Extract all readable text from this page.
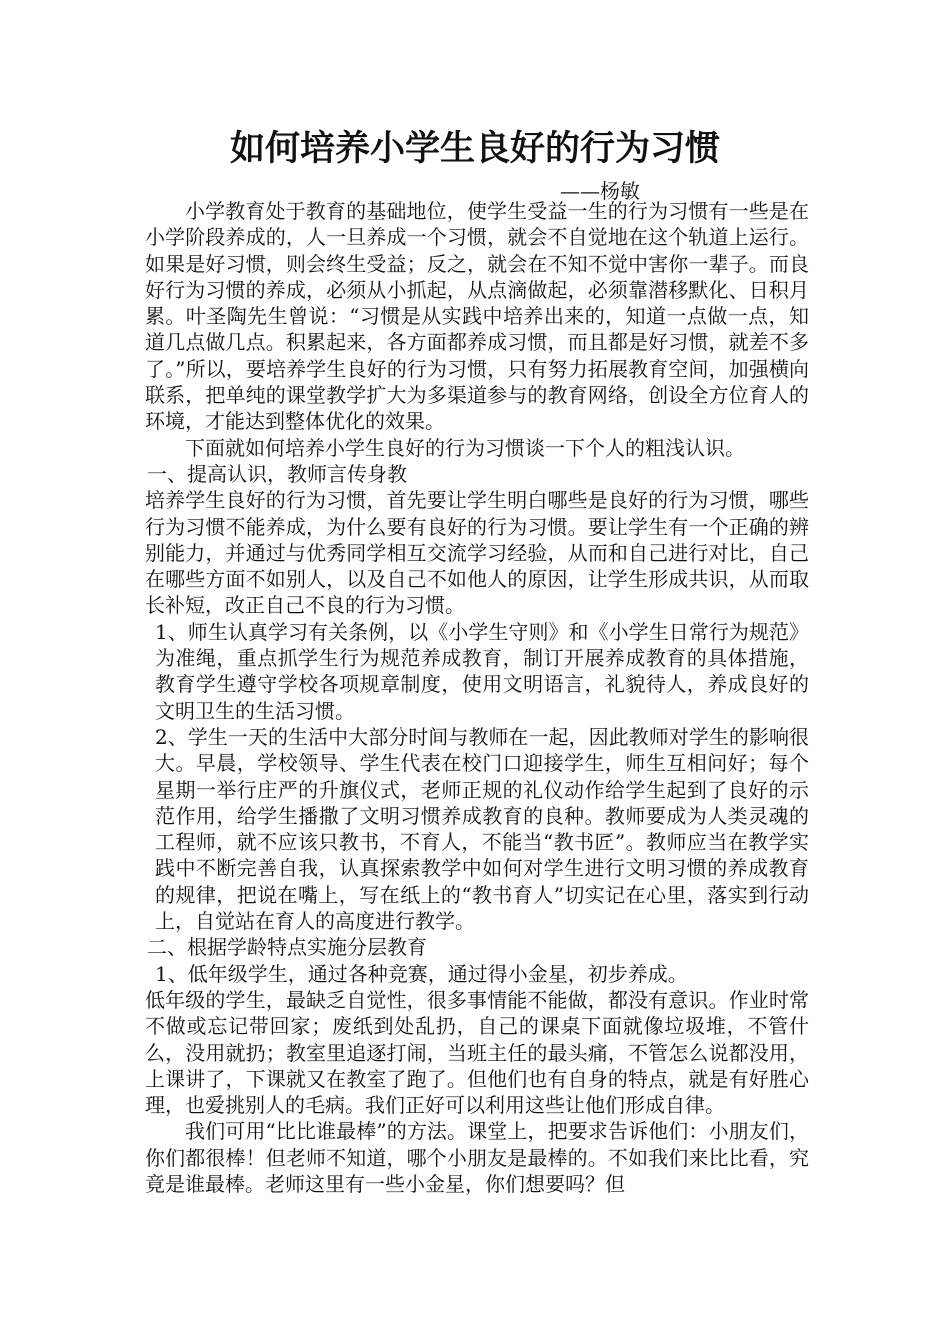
如何培养小学生良好的行为习惯
——杨敏

小学教育处于教育的基础地位，使学生受益一生的行为习惯有一些是在小学阶段养成的，人一旦养成一个习惯，就会不自觉地在这个轨道上运行。如果是好习惯，则会终生受益；反之，就会在不知不觉中害你一辈子。而良好行为习惯的养成，必须从小抓起，从点滴做起，必须靠潜移默化、日积月累。叶圣陶先生曾说：“习惯是从实践中培养出来的，知道一点做一点，知道几点做几点。积累起来，各方面都养成习惯，而且都是好习惯，就差不多了。”所以，要培养学生良好的行为习惯，只有努力拓展教育空间，加强横向联系，把单纯的课堂教学扩大为多渠道参与的教育网络，创设全方位育人的环境，才能达到整体优化的效果。

下面就如何培养小学生良好的行为习惯谈一下个人的粗浅认识。

一、提高认识，教师言传身教

培养学生良好的行为习惯，首先要让学生明白哪些是良好的行为习惯，哪些行为习惯不能养成，为什么要有良好的行为习惯。要让学生有一个正确的辨别能力，并通过与优秀同学相互交流学习经验，从而和自己进行对比，自己在哪些方面不如别人，以及自己不如他人的原因，让学生形成共识，从而取长补短，改正自己不良的行为习惯。

1、师生认真学习有关条例，以《小学生守则》和《小学生日常行为规范》为准绳，重点抓学生行为规范养成教育，制订开展养成教育的具体措施，教育学生遵守学校各项规章制度，使用文明语言，礼貌待人，养成良好的文明卫生的生活习惯。

2、学生一天的生活中大部分时间与教师在一起，因此教师对学生的影响很大。早晨，学校领导、学生代表在校门口迎接学生，师生互相问好；每个星期一举行庄严的升旗仪式，老师正规的礼仪动作给学生起到了良好的示范作用，给学生播撒了文明习惯养成教育的良种。教师要成为人类灵魂的工程师，就不应该只教书，不育人，不能当“教书匠”。教师应当在教学实践中不断完善自我，认真探索教学中如何对学生进行文明习惯的养成教育的规律，把说在嘴上，写在纸上的“教书育人”切实记在心里，落实到行动上，自觉站在育人的高度进行教学。

二、根据学龄特点实施分层教育

1、低年级学生，通过各种竞赛，通过得小金星，初步养成。

低年级的学生，最缺乏自觉性，很多事情能不能做，都没有意识。作业时常不做或忘记带回家；废纸到处乱扔，自己的课桌下面就像垃圾堆，不管什么，没用就扔；教室里追逐打闹，当班主任的最头痛，不管怎么说都没用，上课讲了，下课就又在教室了跑了。但他们也有自身的特点，就是有好胜心理，也爱挑别人的毛病。我们正好可以利用这些让他们形成自律。

我们可用“比比谁最棒”的方法。课堂上，把要求告诉他们：小朋友们，你们都很棒！但老师不知道，哪个小朋友是最棒的。不如我们来比比看，究竟是谁最棒。老师这里有一些小金星，你们想要吗？但
